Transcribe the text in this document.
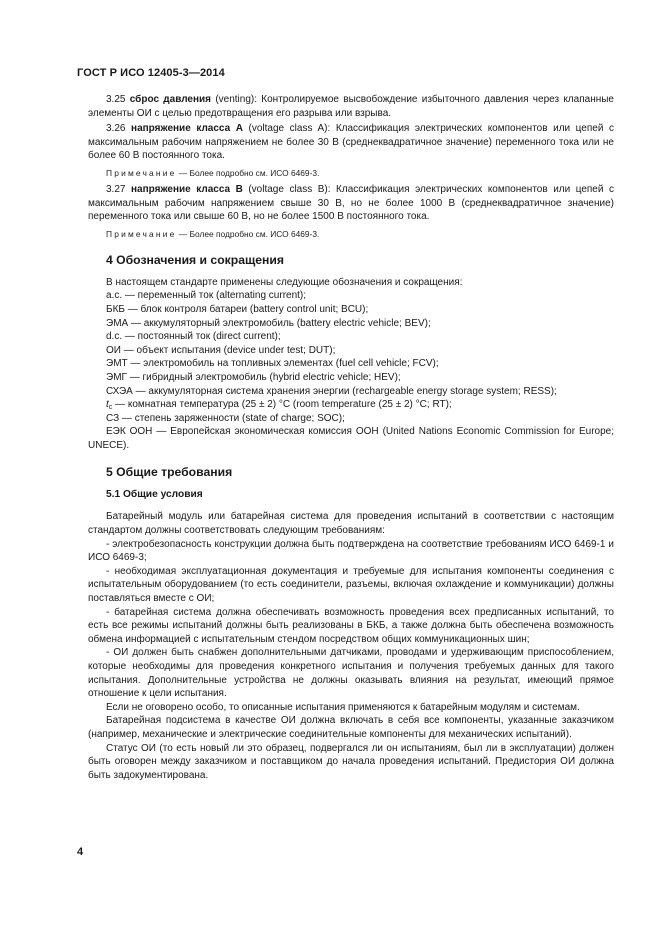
ГОСТ Р ИСО 12405-3—2014

3.25 сброс давления (venting): Контролируемое высвобождение избыточного давления через клапанные элементы ОИ с целью предотвращения его разрыва или взрыва.

3.26 напряжение класса А (voltage class A): Классификация электрических компонентов или цепей с максимальным рабочим напряжением не более 30 В (среднеквадратичное значение) переменного тока или не более 60 В постоянного тока.

Примечание — Более подробно см. ИСО 6469-3.

3.27 напряжение класса В (voltage class B): Классификация электрических компонентов или цепей с максимальным рабочим напряжением свыше 30 В, но не более 1000 В (среднеквадратичное значение) переменного тока или свыше 60 В, но не более 1500 В постоянного тока.

Примечание — Более подробно см. ИСО 6469-3.

4 Обозначения и сокращения

В настоящем стандарте применены следующие обозначения и сокращения:

a.c. — переменный ток (alternating current);

БКБ — блок контроля батареи (battery control unit; BCU);

ЭМА — аккумуляторный электромобиль (battery electric vehicle; BEV);

d.c. — постоянный ток (direct current);

ОИ — объект испытания (device under test; DUT);

ЭМТ — электромобиль на топливных элементах (fuel cell vehicle; FCV);

ЭМГ — гибридный электромобиль (hybrid electric vehicle; HEV);

СХЭА — аккумуляторная система хранения энергии (rechargeable energy storage system; RESS);

$t_c$ — комнатная температура (25 ± 2) °С (room temperature (25 ± 2) °C; RT);

СЗ — степень заряженности (state of charge; SOC);

ЕЭК ООН — Европейская экономическая комиссия ООН (United Nations Economic Commission for Europe; UNECE).

5 Общие требования
5.1 Общие условия

Батарейный модуль или батарейная система для проведения испытаний в соответствии с настоящим стандартом должны соответствовать следующим требованиям:

- электробезопасность конструкции должна быть подтверждена на соответствие требованиям ИСО 6469-1 и ИСО 6469-3;

- необходимая эксплуатационная документация и требуемые для испытания компоненты соединения с испытательным оборудованием (то есть соединители, разъемы, включая охлаждение и коммуникации) должны поставляться вместе с ОИ;

- батарейная система должна обеспечивать возможность проведения всех предписанных испытаний, то есть все режимы испытаний должны быть реализованы в БКБ, а также должна быть обеспечена возможность обмена информацией с испытательным стендом посредством общих коммуникационных шин;

- ОИ должен быть снабжен дополнительными датчиками, проводами и удерживающим приспособлением, которые необходимы для проведения конкретного испытания и получения требуемых данных для такого испытания. Дополнительные устройства не должны оказывать влияния на результат, имеющий прямое отношение к цели испытания.

Если не оговорено особо, то описанные испытания применяются к батарейным модулям и системам.

Батарейная подсистема в качестве ОИ должна включать в себя все компоненты, указанные заказчиком (например, механические и электрические соединительные компоненты для механических испытаний).

Статус ОИ (то есть новый ли это образец, подвергался ли он испытаниям, был ли в эксплуатации) должен быть оговорен между заказчиком и поставщиком до начала проведения испытаний. Предистория ОИ должна быть задокументирована.

4
